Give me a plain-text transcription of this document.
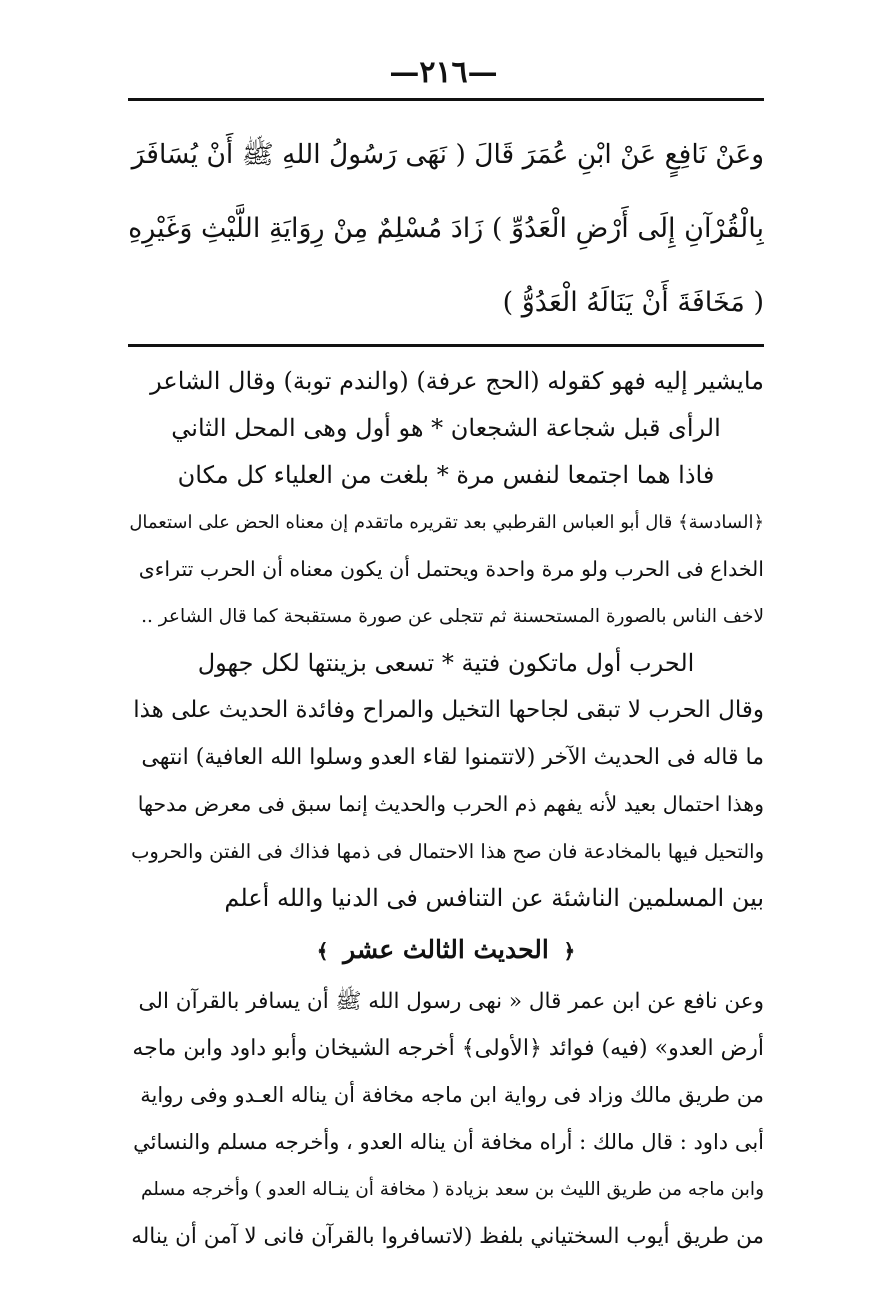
—٢١٦—
وعَنْ نَافِعٍ عَنْ ابْنِ عُمَرَ قَالَ ( نَهَى رَسُولُ اللهِ ﷺ أَنْ يُسَافَرَ
بِالْقُرْآنِ إِلَى أَرْضِ الْعَدُوِّ ) زَادَ مُسْلِمٌ مِنْ رِوَايَةِ اللَّيْثِ وَغَيْرِهِ
( مَخَافَةَ أَنْ يَنَالَهُ الْعَدُوُّ )
مايشير إليه فهو كقوله (الحج عرفة) (والندم توبة) وقال الشاعر
الرأى قبل شجاعة الشجعان * هو أول وهى المحل الثاني
فاذا هما اجتمعا لنفس مرة * بلغت من العلياء كل مكان
﴿السادسة﴾ قال أبو العباس القرطبي بعد تقريره ماتقدم إن معناه الحض على استعمال
الخداع فى الحرب ولو مرة واحدة ويحتمل أن يكون معناه أن الحرب تتراءى
لاخف الناس بالصورة المستحسنة ثم تتجلى عن صورة مستقبحة كما قال الشاعر ..
الحرب أول ماتكون فتية * تسعى بزينتها لكل جهول
وقال الحرب لا تبقى لجاحها التخيل والمراح وفائدة الحديث على هذا
ما قاله فى الحديث الآخر (لاتتمنوا لقاء العدو وسلوا الله العافية) انتهى
وهذا احتمال بعيد لأنه يفهم ذم الحرب والحديث إنما سبق فى معرض مدحها
والتحيل فيها بالمخادعة فان صح هذا الاحتمال فى ذمها فذاك فى الفتن والحروب
بين المسلمين الناشئة عن التنافس فى الدنيا والله أعلم
﴿ الحديث الثالث عشر ﴾
وعن نافع عن ابن عمر قال « نهى رسول الله ﷺ أن يسافر بالقرآن الى
أرض العدو» (فيه) فوائد ﴿الأولى﴾ أخرجه الشيخان وأبو داود وابن ماجه
من طريق مالك وزاد فى رواية ابن ماجه مخافة أن يناله العـدو وفى رواية
أبى داود : قال مالك : أراه مخافة أن يناله العدو ، وأخرجه مسلم والنسائي
وابن ماجه من طريق الليث بن سعد بزيادة ( مخافة أن ينـاله العدو ) وأخرجه مسلم
من طريق أيوب السختياني بلفظ (لاتسافروا بالقرآن فانى لا آمن أن يناله
